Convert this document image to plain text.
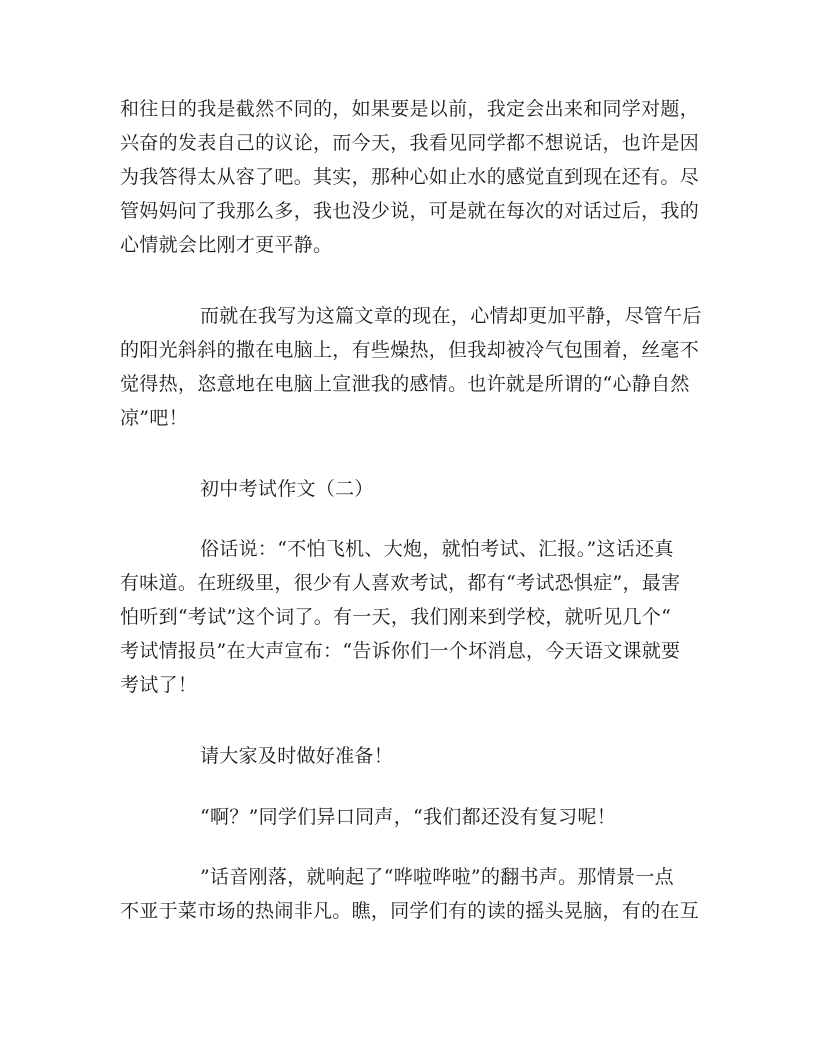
和往日的我是截然不同的，如果要是以前，我定会出来和同学对题，
兴奋的发表自己的议论，而今天，我看见同学都不想说话，也许是因
为我答得太从容了吧。其实，那种心如止水的感觉直到现在还有。尽
管妈妈问了我那么多，我也没少说，可是就在每次的对话过后，我的
心情就会比刚才更平静。
而就在我写为这篇文章的现在，心情却更加平静，尽管午后
的阳光斜斜的撒在电脑上，有些燥热，但我却被冷气包围着，丝毫不
觉得热，恣意地在电脑上宣泄我的感情。也许就是所谓的“心静自然
凉”吧！
初中考试作文（二）
俗话说：“不怕飞机、大炮，就怕考试、汇报。”这话还真
有味道。在班级里，很少有人喜欢考试，都有“考试恐惧症”，最害
怕听到“考试”这个词了。有一天，我们刚来到学校，就听见几个“
考试情报员”在大声宣布：“告诉你们一个坏消息，今天语文课就要
考试了！
请大家及时做好准备！
“啊？”同学们异口同声，“我们都还没有复习呢！
”话音刚落，就响起了“哗啦哗啦”的翻书声。那情景一点
不亚于菜市场的热闹非凡。瞧，同学们有的读的摇头晃脑，有的在互
